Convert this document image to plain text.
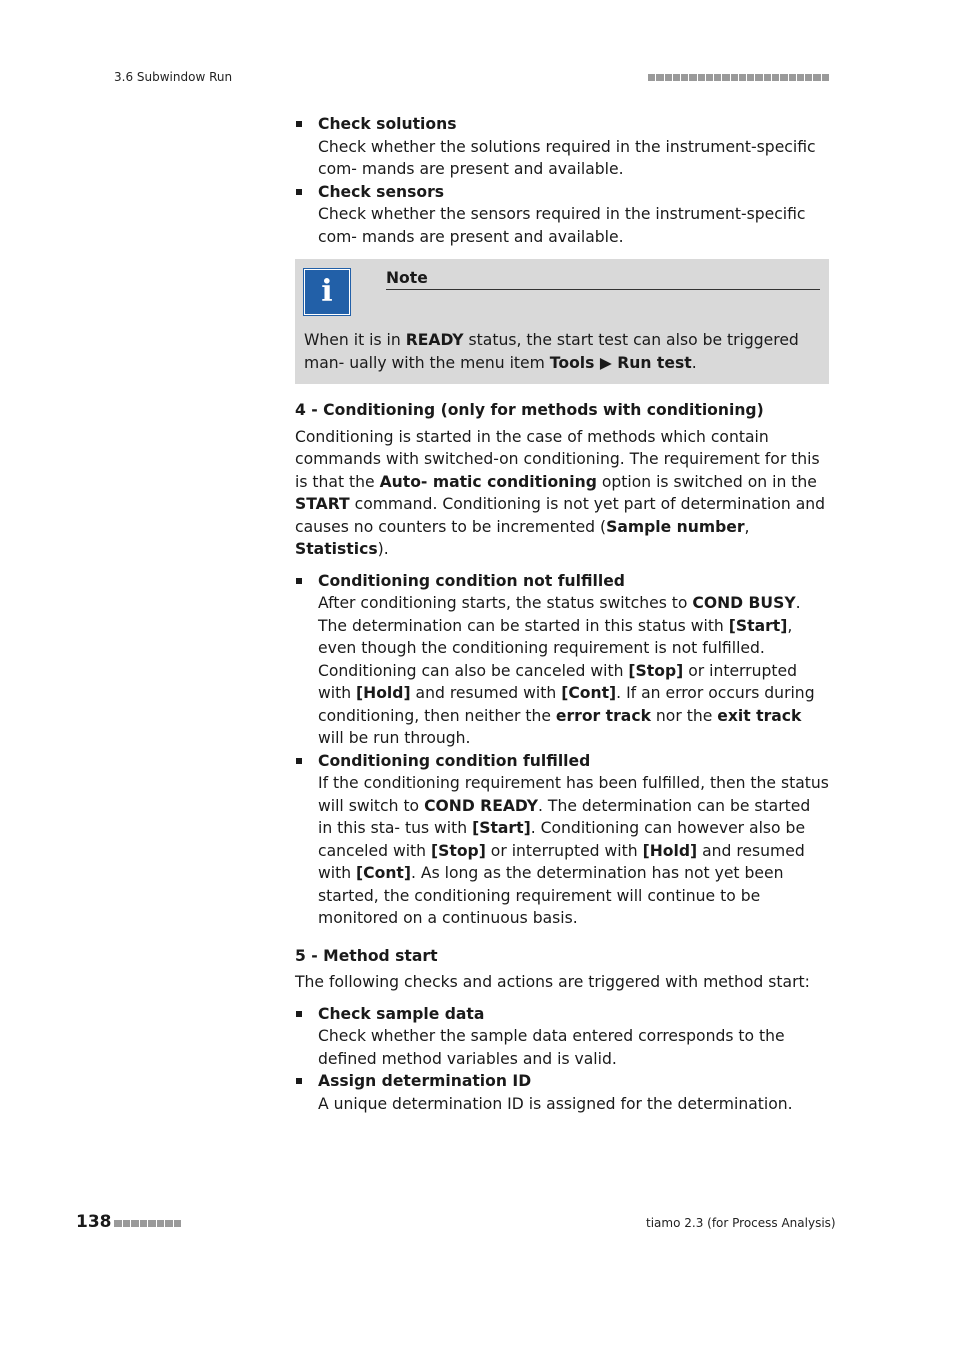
3.6 Subwindow Run
Check solutions
Check whether the solutions required in the instrument-specific com- mands are present and available.
Check sensors
Check whether the sensors required in the instrument-specific com- mands are present and available.
i	Note
When it is in READY status, the start test can also be triggered man- ually with the menu item Tools ▶ Run test.
4 - Conditioning (only for methods with conditioning)

Conditioning is started in the case of methods which contain commands with switched-on conditioning. The requirement for this is that the Auto- matic conditioning option is switched on in the START command. Conditioning is not yet part of determination and causes no counters to be incremented (Sample number, Statistics).

Conditioning condition not fulfilled
After conditioning starts, the status switches to COND BUSY. The determination can be started in this status with [Start], even though the conditioning requirement is not fulfilled. Conditioning can also be canceled with [Stop] or interrupted with [Hold] and resumed with [Cont]. If an error occurs during conditioning, then neither the error track nor the exit track will be run through.
Conditioning condition fulfilled
If the conditioning requirement has been fulfilled, then the status will switch to COND READY. The determination can be started in this sta- tus with [Start]. Conditioning can however also be canceled with [Stop] or interrupted with [Hold] and resumed with [Cont]. As long as the determination has not yet been started, the conditioning requirement will continue to be monitored on a continuous basis.
5 - Method start

The following checks and actions are triggered with method start:

Check sample data
Check whether the sample data entered corresponds to the defined method variables and is valid.
Assign determination ID
A unique determination ID is assigned for the determination.
138	tiamo 2.3 (for Process Analysis)
